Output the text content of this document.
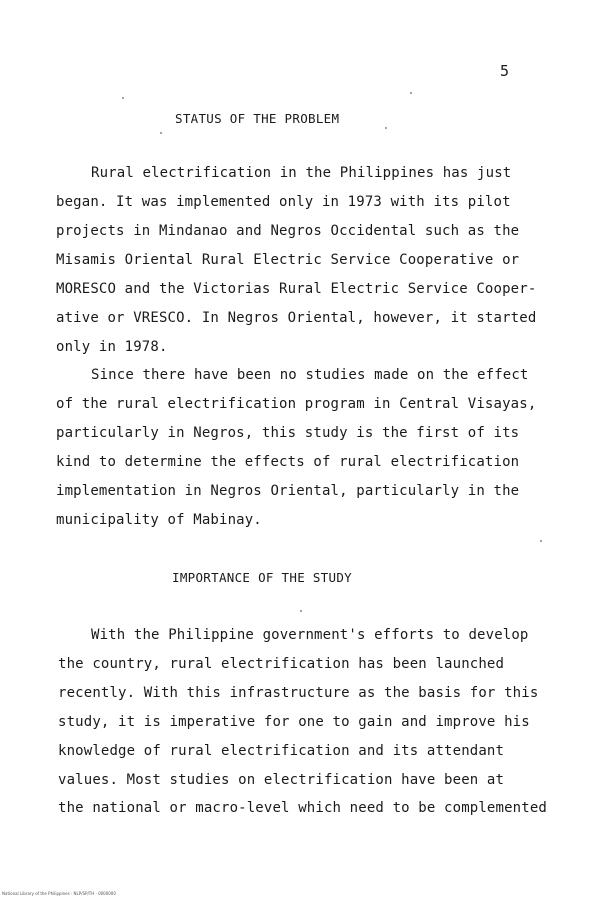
5
STATUS OF THE PROBLEM
Rural electrification in the Philippines has just
began. It was implemented only in 1973 with its pilot
projects in Mindanao and Negros Occidental such as the
Misamis Oriental Rural Electric Service Cooperative or
MORESCO and the Victorias Rural Electric Service Cooper-
ative or VRESCO. In Negros Oriental, however, it started
only in 1978.
Since there have been no studies made on the effect
of the rural electrification program in Central Visayas,
particularly in Negros, this study is the first of its
kind to determine the effects of rural electrification
implementation in Negros Oriental, particularly in the
municipality of Mabinay.
IMPORTANCE OF THE STUDY
With the Philippine government's efforts to develop
the country, rural electrification has been launched
recently. With this infrastructure as the basis for this
study, it is imperative for one to gain and improve his
knowledge of rural electrification and its attendant
values. Most studies on electrification have been at
the national or macro-level which need to be complemented
National Library of the Philippines · NLP/SP/TH · 0000000
